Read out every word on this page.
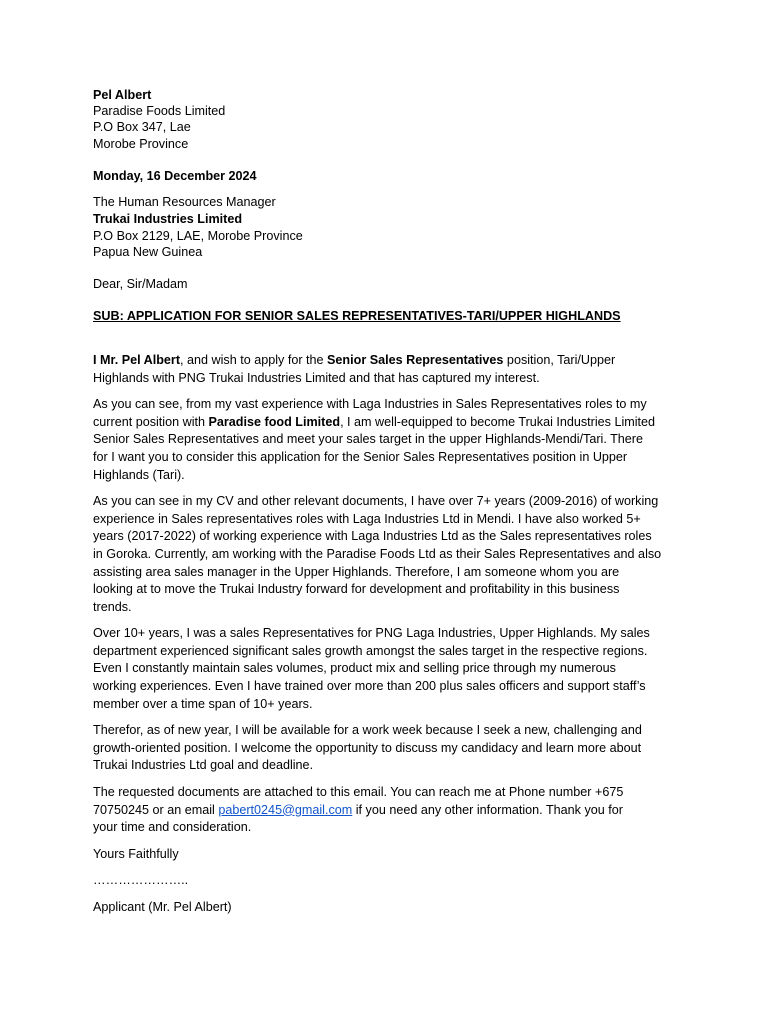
Pel Albert
Paradise Foods Limited
P.O Box 347, Lae
Morobe Province
Monday, 16 December 2024
The Human Resources Manager
Trukai Industries Limited
P.O Box 2129, LAE, Morobe Province
Papua New Guinea
Dear, Sir/Madam
SUB: APPLICATION FOR SENIOR SALES REPRESENTATIVES-TARI/UPPER HIGHLANDS

I Mr. Pel Albert, and wish to apply for the Senior Sales Representatives position, Tari/Upper
Highlands with PNG Trukai Industries Limited and that has captured my interest.

As you can see, from my vast experience with Laga Industries in Sales Representatives roles to my
current position with Paradise food Limited, I am well-equipped to become Trukai Industries Limited
Senior Sales Representatives and meet your sales target in the upper Highlands-Mendi/Tari. There
for I want you to consider this application for the Senior Sales Representatives position in Upper
Highlands (Tari).

As you can see in my CV and other relevant documents, I have over 7+ years (2009-2016) of working
experience in Sales representatives roles with Laga Industries Ltd in Mendi. I have also worked 5+
years (2017-2022) of working experience with Laga Industries Ltd as the Sales representatives roles
in Goroka. Currently, am working with the Paradise Foods Ltd as their Sales Representatives and also
assisting area sales manager in the Upper Highlands. Therefore, I am someone whom you are
looking at to move the Trukai Industry forward for development and profitability in this business
trends.

Over 10+ years, I was a sales Representatives for PNG Laga Industries, Upper Highlands. My sales
department experienced significant sales growth amongst the sales target in the respective regions.
Even I constantly maintain sales volumes, product mix and selling price through my numerous
working experiences. Even I have trained over more than 200 plus sales officers and support staff’s
member over a time span of 10+ years.

Therefor, as of new year, I will be available for a work week because I seek a new, challenging and
growth-oriented position. I welcome the opportunity to discuss my candidacy and learn more about
Trukai Industries Ltd goal and deadline.

The requested documents are attached to this email. You can reach me at Phone number +675
70750245 or an email pabert0245@gmail.com if you need any other information. Thank you for
your time and consideration.

Yours Faithfully
…………………..
Applicant (Mr. Pel Albert)
